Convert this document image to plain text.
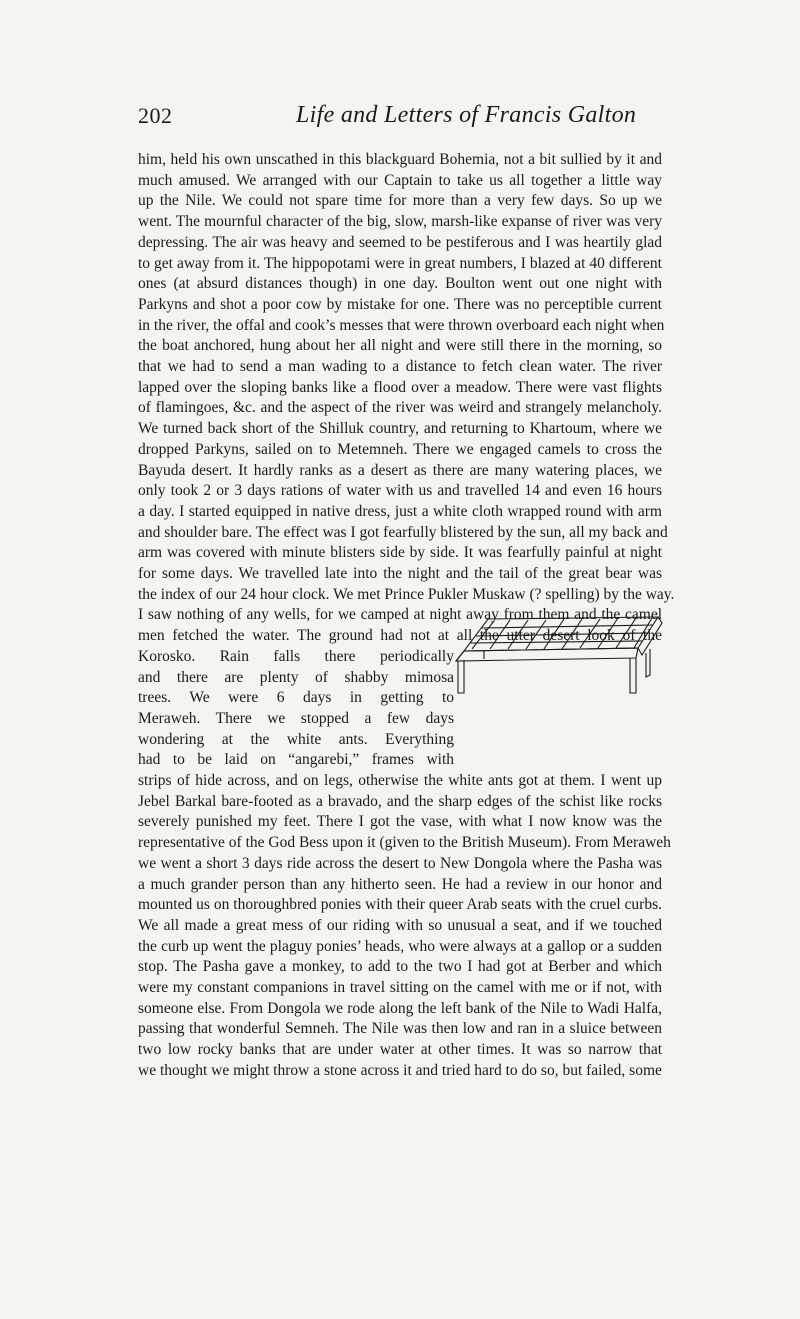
202	Life and Letters of Francis Galton
him, held his own unscathed in this blackguard Bohemia, not a bit sullied by it and
much amused. We arranged with our Captain to take us all together a little way
up the Nile. We could not spare time for more than a very few days. So up we
went. The mournful character of the big, slow, marsh-like expanse of river was very
depressing. The air was heavy and seemed to be pestiferous and I was heartily glad
to get away from it. The hippopotami were in great numbers, I blazed at 40 different
ones (at absurd distances though) in one day. Boulton went out one night with
Parkyns and shot a poor cow by mistake for one. There was no perceptible current
in the river, the offal and cook’s messes that were thrown overboard each night when
the boat anchored, hung about her all night and were still there in the morning, so
that we had to send a man wading to a distance to fetch clean water. The river
lapped over the sloping banks like a flood over a meadow. There were vast flights
of flamingoes, &c. and the aspect of the river was weird and strangely melancholy.
We turned back short of the Shilluk country, and returning to Khartoum, where we
dropped Parkyns, sailed on to Metemneh. There we engaged camels to cross the
Bayuda desert. It hardly ranks as a desert as there are many watering places, we
only took 2 or 3 days rations of water with us and travelled 14 and even 16 hours
a day. I started equipped in native dress, just a white cloth wrapped round with arm
and shoulder bare. The effect was I got fearfully blistered by the sun, all my back and
arm was covered with minute blisters side by side. It was fearfully painful at night
for some days. We travelled late into the night and the tail of the great bear was
the index of our 24 hour clock. We met Prince Pukler Muskaw (? spelling) by the way.
I saw nothing of any wells, for we camped at night away from them and the camel
men fetched the water. The ground had not at all the utter desert look of the
Korosko. Rain falls there periodically
and there are plenty of shabby mimosa
trees. We were 6 days in getting to
Meraweh. There we stopped a few days
wondering at the white ants. Everything
had to be laid on “angarebi,” frames with
strips of hide across, and on legs, otherwise the white ants got at them. I went up
Jebel Barkal bare-footed as a bravado, and the sharp edges of the schist like rocks
severely punished my feet. There I got the vase, with what I now know was the
representative of the God Bess upon it (given to the British Museum). From Meraweh
we went a short 3 days ride across the desert to New Dongola where the Pasha was
a much grander person than any hitherto seen. He had a review in our honor and
mounted us on thoroughbred ponies with their queer Arab seats with the cruel curbs.
We all made a great mess of our riding with so unusual a seat, and if we touched
the curb up went the plaguy ponies’ heads, who were always at a gallop or a sudden
stop. The Pasha gave a monkey, to add to the two I had got at Berber and which
were my constant companions in travel sitting on the camel with me or if not, with
someone else. From Dongola we rode along the left bank of the Nile to Wadi Halfa,
passing that wonderful Semneh. The Nile was then low and ran in a sluice between
two low rocky banks that are under water at other times. It was so narrow that
we thought we might throw a stone across it and tried hard to do so, but failed, some
